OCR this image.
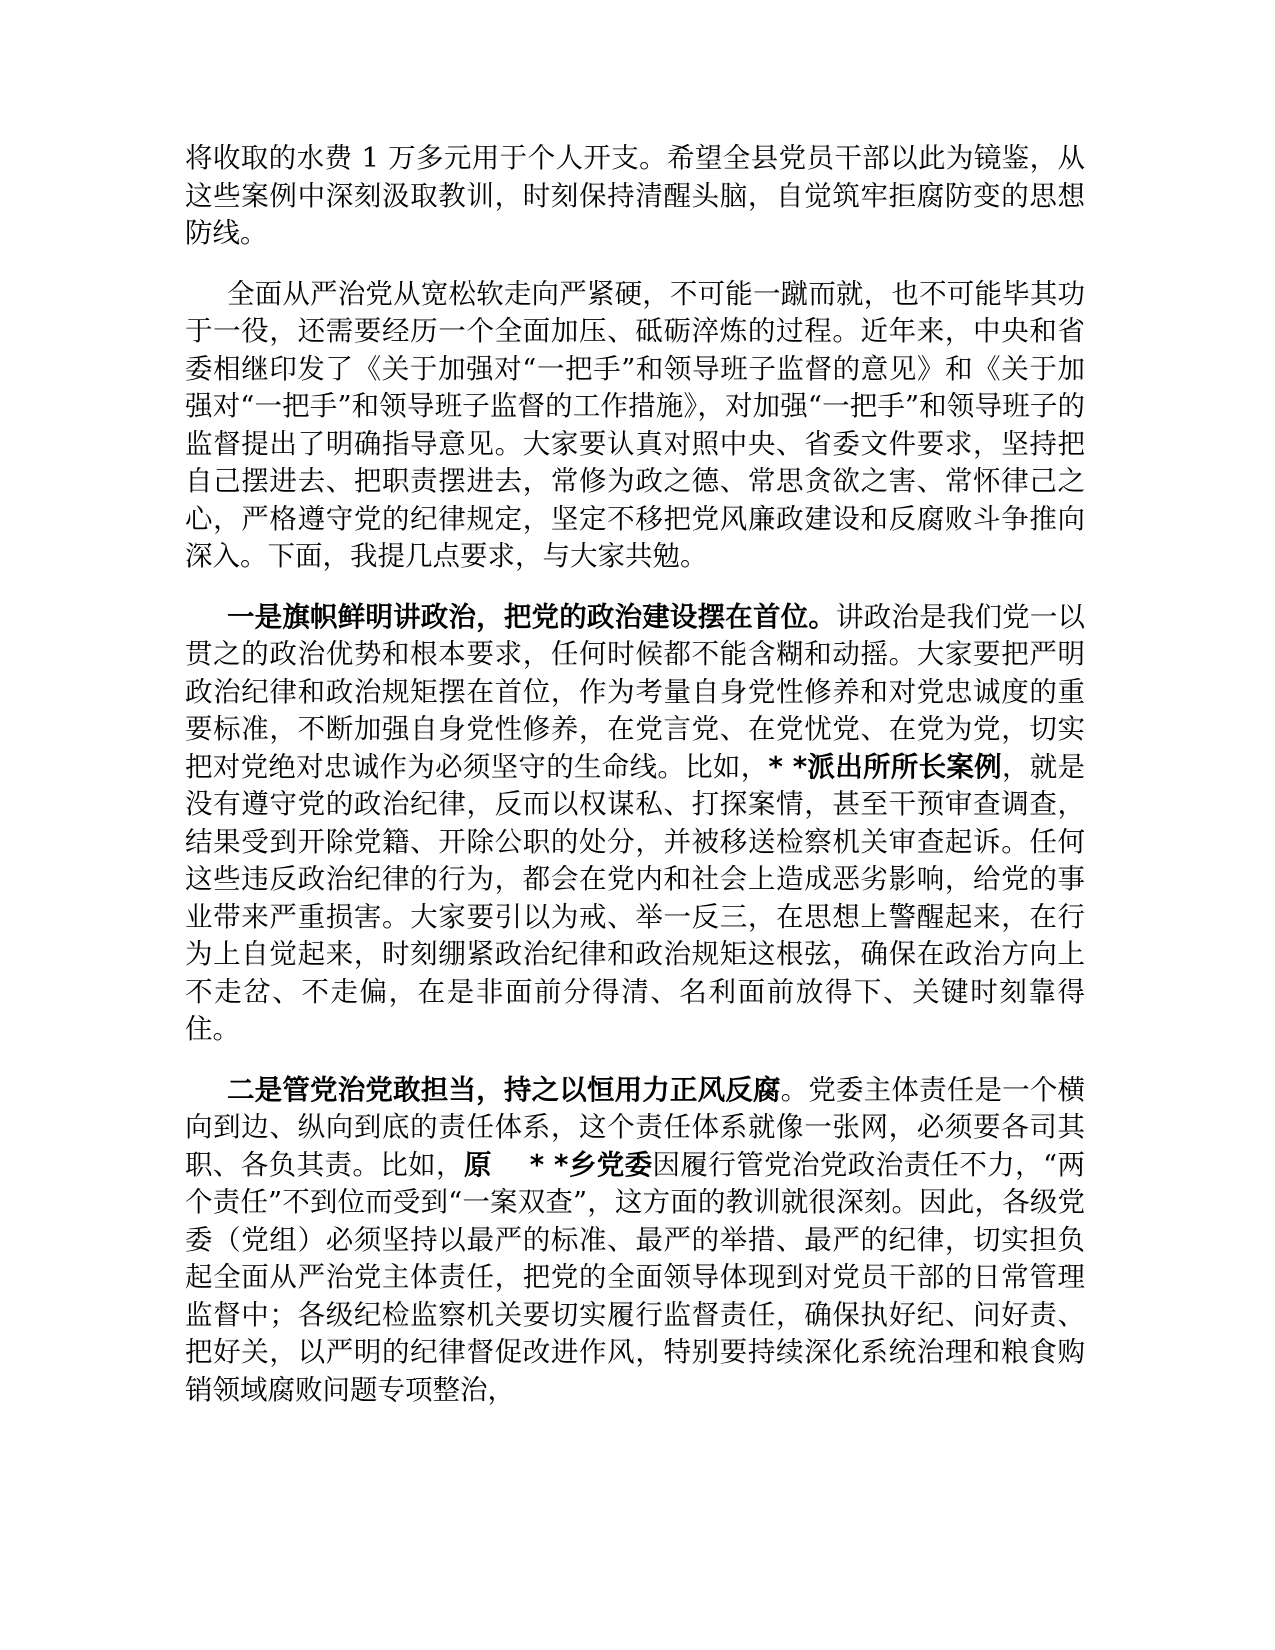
将收取的水费 1 万多元用于个人开支。希望全县党员干部以此为镜鉴，从这些案例中深刻汲取教训，时刻保持清醒头脑，自觉筑牢拒腐防变的思想防线。

全面从严治党从宽松软走向严紧硬，不可能一蹴而就，也不可能毕其功于一役，还需要经历一个全面加压、砥砺淬炼的过程。近年来，中央和省委相继印发了《关于加强对“一把手”和领导班子监督的意见》和《关于加强对“一把手”和领导班子监督的工作措施》，对加强“一把手”和领导班子的监督提出了明确指导意见。大家要认真对照中央、省委文件要求，坚持把自己摆进去、把职责摆进去，常修为政之德、常思贪欲之害、常怀律己之心，严格遵守党的纪律规定，坚定不移把党风廉政建设和反腐败斗争推向深入。下面，我提几点要求，与大家共勉。

一是旗帜鲜明讲政治，把党的政治建设摆在首位。讲政治是我们党一以贯之的政治优势和根本要求，任何时候都不能含糊和动摇。大家要把严明政治纪律和政治规矩摆在首位，作为考量自身党性修养和对党忠诚度的重要标准，不断加强自身党性修养，在党言党、在党忧党、在党为党，切实把对党绝对忠诚作为必须坚守的生命线。比如，* *派出所所长案例，就是没有遵守党的政治纪律，反而以权谋私、打探案情，甚至干预审查调查，结果受到开除党籍、开除公职的处分，并被移送检察机关审查起诉。任何这些违反政治纪律的行为，都会在党内和社会上造成恶劣影响，给党的事业带来严重损害。大家要引以为戒、举一反三，在思想上警醒起来，在行为上自觉起来，时刻绷紧政治纪律和政治规矩这根弦，确保在政治方向上不走岔、不走偏，在是非面前分得清、名利面前放得下、关键时刻靠得住。

二是管党治党敢担当，持之以恒用力正风反腐。党委主体责任是一个横向到边、纵向到底的责任体系，这个责任体系就像一张网，必须要各司其职、各负其责。比如，原 　* *乡党委因履行管党治党政治责任不力，“两个责任”不到位而受到“一案双查”，这方面的教训就很深刻。因此，各级党委（党组）必须坚持以最严的标准、最严的举措、最严的纪律，切实担负起全面从严治党主体责任，把党的全面领导体现到对党员干部的日常管理监督中；各级纪检监察机关要切实履行监督责任，确保执好纪、问好责、把好关，以严明的纪律督促改进作风，特别要持续深化系统治理和粮食购销领域腐败问题专项整治，
